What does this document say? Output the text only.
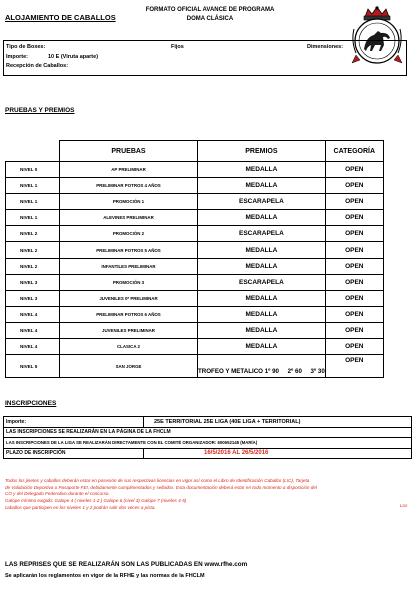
FORMATO OFICIAL AVANCE DE PROGRAMA
DOMA CLÁSICA
ALOJAMIENTO DE CABALLOS
Tipo de Boxes:	Fijos	Dimensiones:
Importe:	10 E (Viruta aparte)
Recepción de Caballos:
PRUEBAS Y PREMIOS
	PRUEBAS	PREMIOS	CATEGORÍA
NIVEL 0	AP PRELIMINAR	MEDALLA	OPEN
NIVEL 1	PRELIMINAR POTROS 4 AÑOS	MEDALLA	OPEN
NIVEL 1	PROMOCIÓN 1	ESCARAPELA	OPEN
NIVEL 1	ALEVINES PRELIMINAR	MEDALLA	OPEN
NIVEL 2	PROMOCIÓN 2	ESCARAPELA	OPEN
NIVEL 2	PRELIMINAR POTROS 5 AÑOS	MEDALLA	OPEN
NIVEL 2	INFANTILES PRELIMINAR	MEDALLA	OPEN
NIVEL 3	PROMOCIÓN 3	ESCARAPELA	OPEN
NIVEL 3	JUVENILES 0* PRELIMINAR	MEDALLA	OPEN
NIVEL 4	PRELIMINAR POTROS 6 AÑOS	MEDALLA	OPEN
NIVEL 4	JUVENILES PRELIMINAR	MEDALLA	OPEN
NIVEL 4	CLASICA 2	MEDALLA	OPEN
NIVEL 5	SAN JORGE	TROFEO Y METALICO 1º 90     2º 60     3º 30	OPEN
INSCRIPCIONES
Importe:	25E TERRITORIAL 25E LIGA (40E LIGA + TERRITORIAL)
LAS INSCRIPCIONES SE REALIZARÁN EN LA PÁGINA DE LA FHCLM	
LAS INSCRIPCIONES DE LA LIGA SE REALIZARÁN DIRECTAMENTE CON EL COMITÉ ORGANIZADOR: 600652148 (MARÍA)	
PLAZO DE INSCRIPCIÓN	16/5/2016 AL 26/5/2016

Todos los jinetes y caballos deberán estar en posesión de sus respectivas licencias en vigor así como el Libro de Identificación Caballar (LIC), Tarjeta

de Validación Deportiva o Pasaporte FEI, debidamente cumplimentados y sellados. Esta documentación deberá estar en todo momento a disposición del

CO y del Delegado Federativo durante el concurso.

Galope mínimo exigido: Galope 4 ( niveles 1-2 ) Galope 6 (nivel 3) Galope 7 (niveles 4-5)

caballos que participen en los niveles 1 y 2 podrán salir dos veces a pista.	Los
LAS REPRISES QUE SE REALIZARÁN SON LAS PUBLICADAS EN www.rfhe.com
Se aplicarán los reglamentos en vigor de la RFHE y las normas de la FHCLM
